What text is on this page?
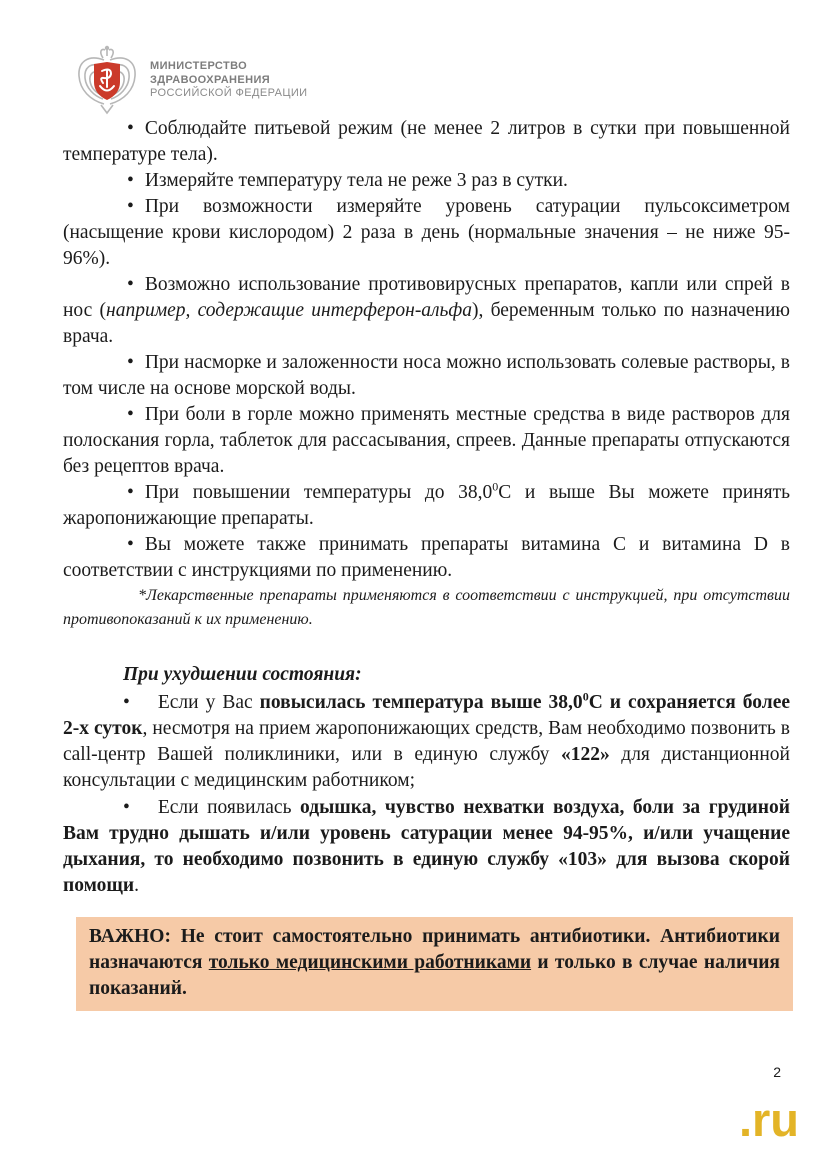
МИНИСТЕРСТВО
ЗДРАВООХРАНЕНИЯ
РОССИЙСКОЙ ФЕДЕРАЦИИ

• Соблюдайте питьевой режим (не менее 2 литров в сутки при повышенной температуре тела).

• Измеряйте температуру тела не реже 3 раз в сутки.

• При возможности измеряйте уровень сатурации пульсоксиметром (насыщение крови кислородом) 2 раза в день (нормальные значения – не ниже 95-96%).

• Возможно использование противовирусных препаратов, капли или спрей в нос (например, содержащие интерферон-альфа), беременным только по назначению врача.

• При насморке и заложенности носа можно использовать солевые растворы, в том числе на основе морской воды.

• При боли в горле можно применять местные средства в виде растворов для полоскания горла, таблеток для рассасывания, спреев. Данные препараты отпускаются без рецептов врача.

• При повышении температуры до 38,0$^0$С и выше Вы можете принять жаропонижающие препараты.

• Вы можете также принимать препараты витамина С и витамина D в соответствии с инструкциями по применению.

*Лекарственные препараты применяются в соответствии с инструкцией, при отсутствии противопоказаний к их применению.

При ухудшении состояния:

• Если у Вас повысилась температура выше 38,0$^0$С и сохраняется более 2-х суток, несмотря на прием жаропонижающих средств, Вам необходимо позвонить в call-центр Вашей поликлиники, или в единую службу «122» для дистанционной консультации с медицинским работником;

• Если появилась одышка, чувство нехватки воздуха, боли за грудиной Вам трудно дышать и/или уровень сатурации менее 94-95%, и/или учащение дыхания, то необходимо позвонить в единую службу «103» для вызова скорой помощи.

ВАЖНО: Не стоит самостоятельно принимать антибиотики. Антибиотики назначаются только медицинскими работниками и только в случае наличия показаний.
2
.ru
